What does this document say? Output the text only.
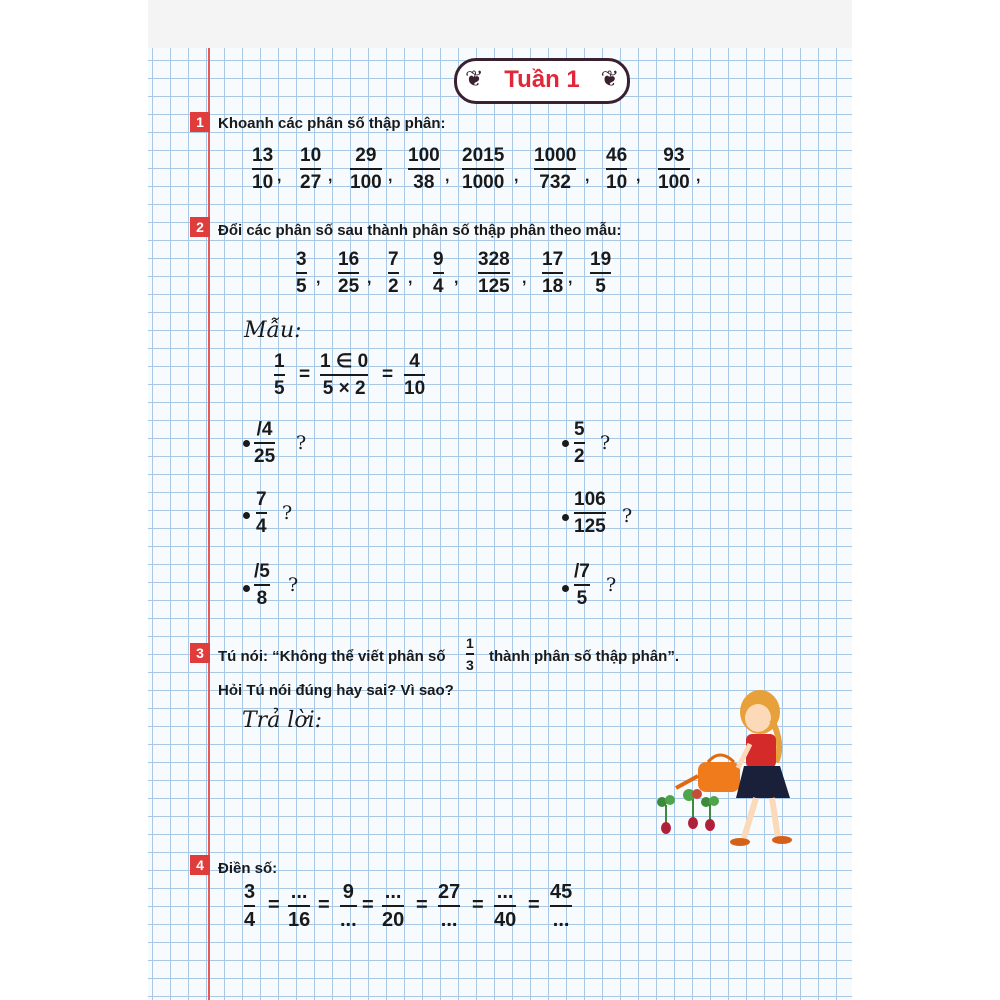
❦ Tuần 1 ❦
1 Khoanh các phân số thập phân:
13
10 ,
10
27 ,
29
100 ,
100
38 ,
2015
1000 ,
1000
732 ,
46
10 ,
93
100 ,
2 Đổi các phân số sau thành phân số thập phân theo mẫu:
3
5 ,
16
25 ,
7
2 ,
9
4 ,
328
125 ,
17
18 ,
19
5
Mẫu:
1
5
=
1 ∈ 0
5 × 2
=
4
10
/4
25
?
7
4
?
/5
8
?
5
2
?
106
125 ?
/7
5
?
3 Tú nói: “Không thể viết phân số
1
3 thành phân số thập phân”.
Hỏi Tú nói đúng hay sai? Vì sao?
Trả lời:
4 Điền số:
3
4
=
...
16
=
9
...
=
...
20
=
27
...
=
...
40
=
45
...
